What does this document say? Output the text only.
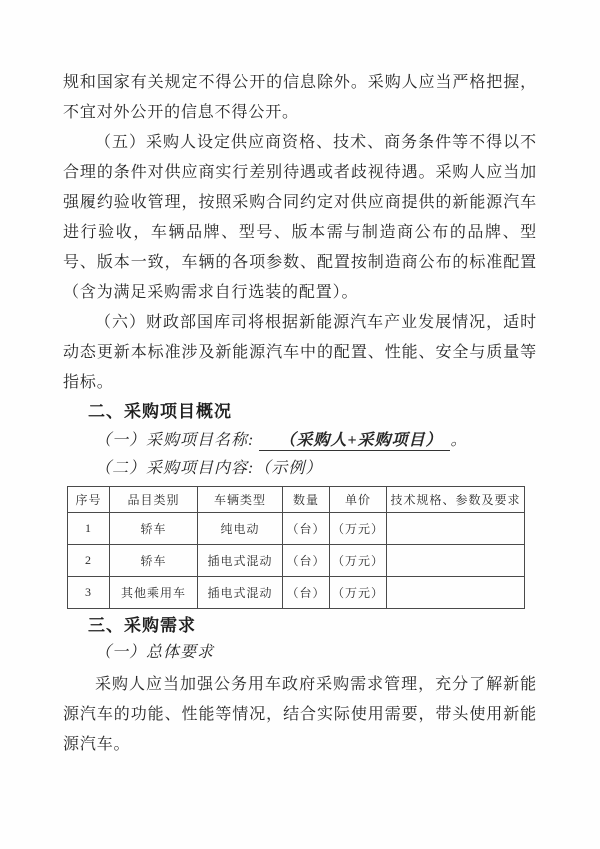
规和国家有关规定不得公开的信息除外。采购人应当严格把握，不宜对外公开的信息不得公开。

（五）采购人设定供应商资格、技术、商务条件等不得以不合理的条件对供应商实行差别待遇或者歧视待遇。采购人应当加强履约验收管理，按照采购合同约定对供应商提供的新能源汽车进行验收，车辆品牌、型号、版本需与制造商公布的品牌、型号、版本一致，车辆的各项参数、配置按制造商公布的标准配置（含为满足采购需求自行选装的配置）。

（六）财政部国库司将根据新能源汽车产业发展情况，适时动态更新本标准涉及新能源汽车中的配置、性能、安全与质量等指标。

二、采购项目概况

（一）采购项目名称: （采购人+采购项目） 。

（二）采购项目内容:（示例）

序号	品目类别	车辆类型	数量	单价	技术规格、参数及要求
1	轿车	纯电动	（台）	（万元）	
2	轿车	插电式混动	（台）	（万元）	
3	其他乘用车	插电式混动	（台）	（万元）	

三、采购需求

（一）总体要求

采购人应当加强公务用车政府采购需求管理，充分了解新能源汽车的功能、性能等情况，结合实际使用需要，带头使用新能源汽车。
